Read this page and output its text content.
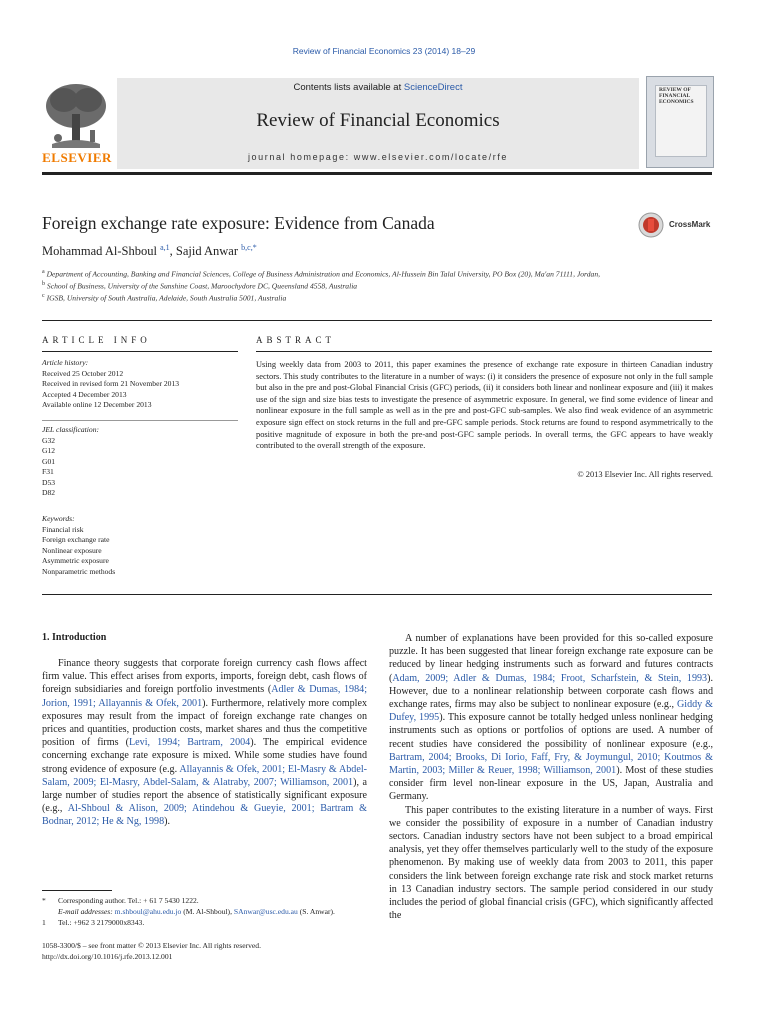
Review of Financial Economics 23 (2014) 18–29
Contents lists available at ScienceDirect
Review of Financial Economics
journal homepage: www.elsevier.com/locate/rfe
ELSEVIER
REVIEW OF FINANCIAL ECONOMICS
Foreign exchange rate exposure: Evidence from Canada
Mohammad Al-Shboul $^{a,1}$, Sajid Anwar $^{b,c,*}$
CrossMark
$^a$ Department of Accounting, Banking and Financial Sciences, College of Business Administration and Economics, Al-Hussein Bin Talal University, PO Box (20), Ma'an 71111, Jordan,
$^b$ School of Business, University of the Sunshine Coast, Maroochydore DC, Queensland 4558, Australia
$^c$ IGSB, University of South Australia, Adelaide, South Australia 5001, Australia
ARTICLE INFO	ABSTRACT
Article history:
Received 25 October 2012
Received in revised form 21 November 2013
Accepted 4 December 2013
Available online 12 December 2013
JEL classification:
G32
G12
G01
F31
D53
D82
Keywords:
Financial risk
Foreign exchange rate
Nonlinear exposure
Asymmetric exposure
Nonparametric methods
Using weekly data from 2003 to 2011, this paper examines the presence of exchange rate exposure in thirteen Canadian industry sectors. This study contributes to the literature in a number of ways: (i) it considers the presence of exposure not only in the full sample but also in the pre and post-Global Financial Crisis (GFC) periods, (ii) it considers both linear and nonlinear exposure and (iii) it makes use of the sign and size bias tests to investigate the presence of asymmetric exposure. In general, we find some evidence of linear and nonlinear exposure in the full sample as well as in the pre and post-GFC sub-samples. We also find weak evidence of an asymmetric exposure sign effect on stock returns in the full and pre-GFC sample periods. Stock returns are found to respond asymmetrically to the positive magnitude of exposure in both the pre-and post-GFC sample periods. In overall terms, the GFC appears to have weakly contributed to the overall strength of the exposure.
© 2013 Elsevier Inc. All rights reserved.
1. Introduction

Finance theory suggests that corporate foreign currency cash flows affect firm value. This effect arises from exports, imports, foreign debt, cash flows of foreign subsidiaries and foreign portfolio investments (Adler & Dumas, 1984; Jorion, 1991; Allayannis & Ofek, 2001). Furthermore, relatively more complex exposures may result from the impact of foreign exchange rate changes on prices and quantities, production costs, market shares and thus the competitive position of firms (Levi, 1994; Bartram, 2004). The empirical evidence concerning exchange rate exposure is mixed. While some studies have found strong evidence of exposure (e.g. Allayannis & Ofek, 2001; El-Masry & Abdel-Salam, 2009; El-Masry, Abdel-Salam, & Alatraby, 2007; Williamson, 2001), a large number of studies report the absence of statistically significant exposure (e.g., Al-Shboul & Alison, 2009; Atindehou & Gueyie, 2001; Bartram & Bodnar, 2012; He & Ng, 1998).

A number of explanations have been provided for this so-called exposure puzzle. It has been suggested that linear foreign exchange rate exposure can be reduced by linear hedging instruments such as forward and futures contracts (Adam, 2009; Adler & Dumas, 1984; Froot, Scharfstein, & Stein, 1993). However, due to a nonlinear relationship between corporate cash flows and exchange rates, firms may also be subject to nonlinear exposure (e.g., Giddy & Dufey, 1995). This exposure cannot be totally hedged unless nonlinear hedging instruments such as options or portfolios of options are used. A number of recent studies have considered the possibility of nonlinear exposure (e.g., Bartram, 2004; Brooks, Di Iorio, Faff, Fry, & Joymungul, 2010; Koutmos & Martin, 2003; Miller & Reuer, 1998; Williamson, 2001). Most of these studies consider firm level non-linear exposure in the US, Japan, Australia and Germany.

This paper contributes to the existing literature in a number of ways. First we consider the possibility of exposure in a number of Canadian industry sectors. Canadian industry sectors have not been subject to a broad empirical analysis, yet they offer themselves particularly well to the study of the exposure phenomenon. By making use of weekly data from 2003 to 2011, this paper considers the link between foreign exchange rate risk and stock market returns in 13 Canadian industry sectors. The sample period considered in our study includes the period of global financial crisis (GFC), which significantly affected the

* Corresponding author. Tel.: + 61 7 5430 1222.
E-mail addresses: m.shboul@ahu.edu.jo (M. Al-Shboul), SAnwar@usc.edu.au (S. Anwar).
1 Tel.: +962 3 2179000x8343.
1058-3300/$ – see front matter © 2013 Elsevier Inc. All rights reserved.
http://dx.doi.org/10.1016/j.rfe.2013.12.001
